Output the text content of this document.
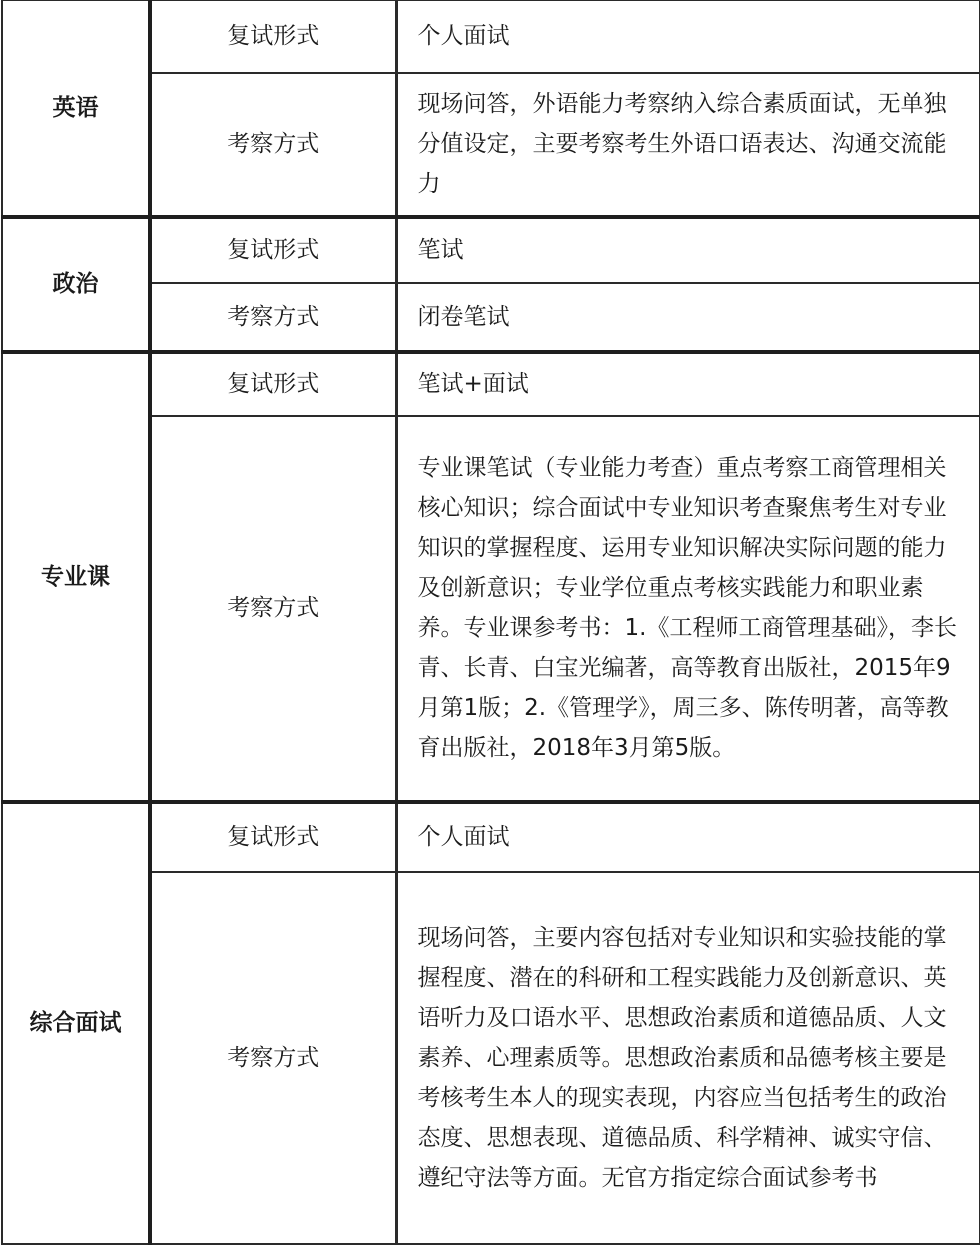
英语	复试形式	个人面试
	考察方式	现场问答，外语能力考察纳入综合素质面试，无单独分值设定，主要考察考生外语口语表达、沟通交流能力
政治	复试形式	笔试
	考察方式	闭卷笔试
专业课	复试形式	笔试+面试
	考察方式	专业课笔试（专业能力考查）重点考察工商管理相关核心知识；综合面试中专业知识考查聚焦考生对专业知识的掌握程度、运用专业知识解决实际问题的能力及创新意识；专业学位重点考核实践能力和职业素养。专业课参考书：1.《工程师工商管理基础》，李长青、长青、白宝光编著，高等教育出版社，2015年9月第1版；2.《管理学》，周三多、陈传明著，高等教育出版社，2018年3月第5版。
综合面试	复试形式	个人面试
	考察方式	现场问答，主要内容包括对专业知识和实验技能的掌握程度、潜在的科研和工程实践能力及创新意识、英语听力及口语水平、思想政治素质和道德品质、人文素养、心理素质等。思想政治素质和品德考核主要是考核考生本人的现实表现，内容应当包括考生的政治态度、思想表现、道德品质、科学精神、诚实守信、遵纪守法等方面。无官方指定综合面试参考书
